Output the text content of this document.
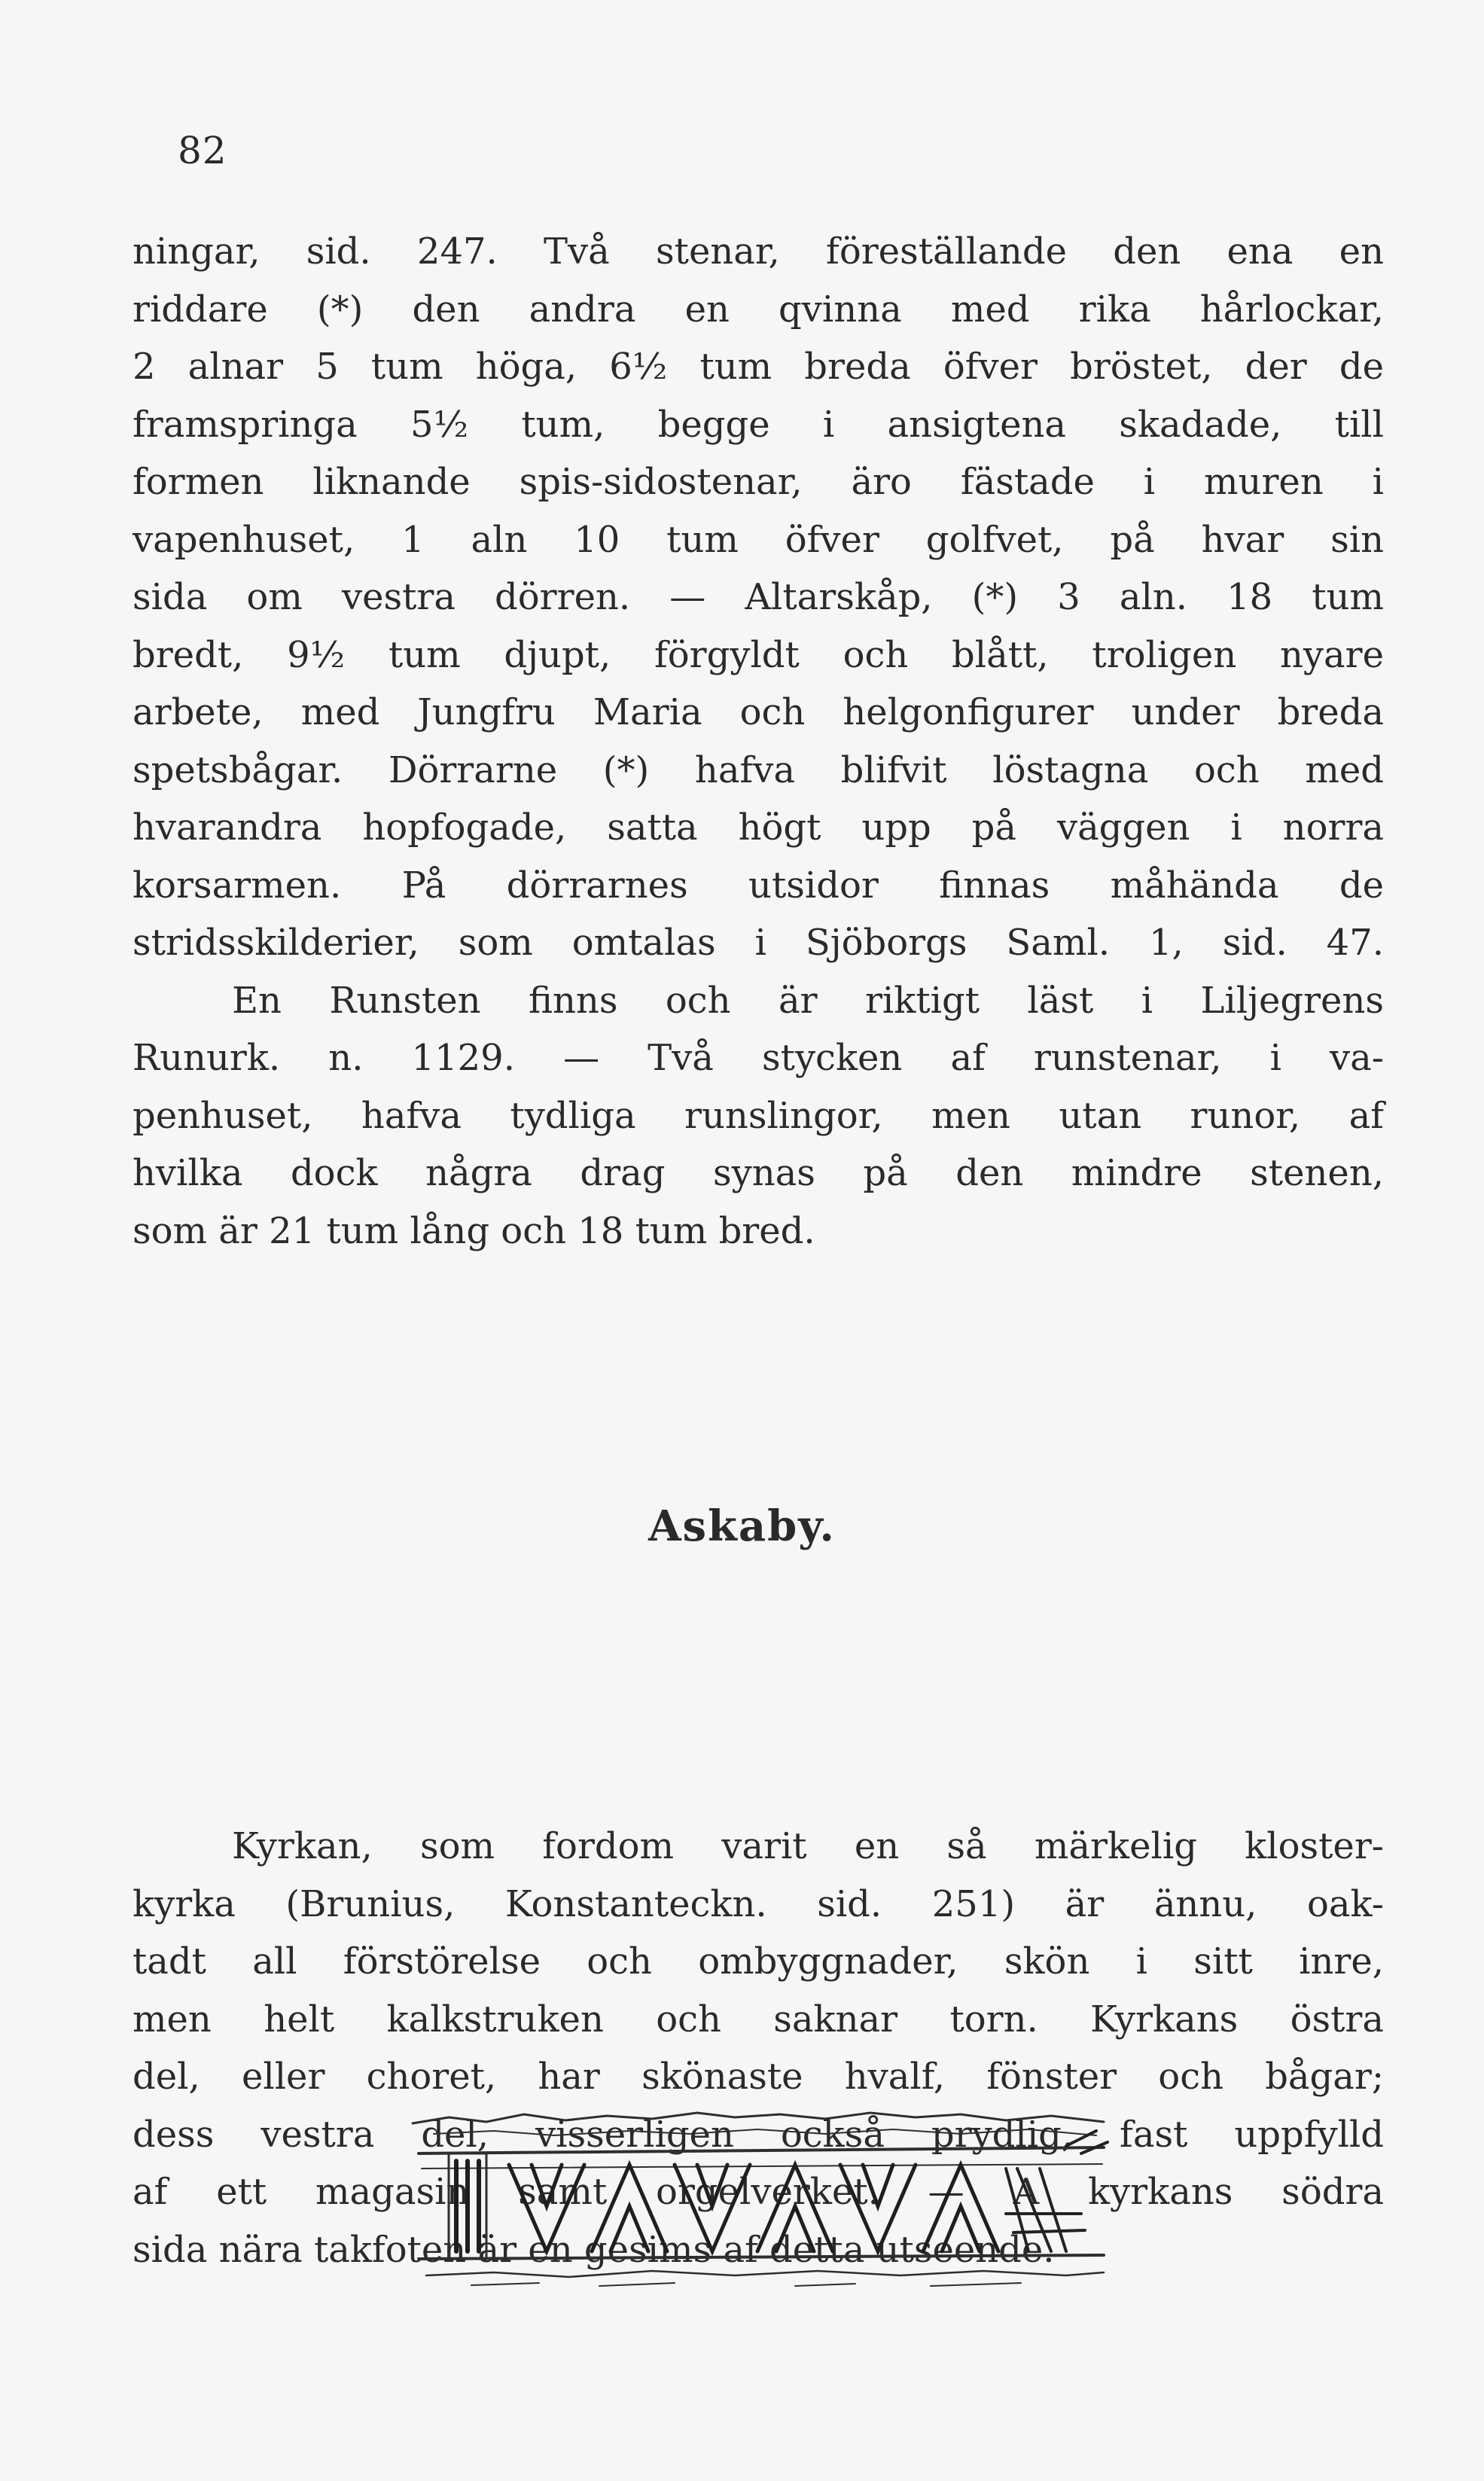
82
ningar, sid. 247. Två stenar, föreställande den ena en
riddare (*) den andra en qvinna med rika hårlockar,
2 alnar 5 tum höga, 6½ tum breda öfver bröstet, der de
framspringa 5½ tum, begge i ansigtena skadade, till
formen liknande spis-sidostenar, äro fästade i muren i
vapenhuset, 1 aln 10 tum öfver golfvet, på hvar sin
sida om vestra dörren. — Altarskåp, (*) 3 aln. 18 tum
bredt, 9½ tum djupt, förgyldt och blått, troligen nyare
arbete, med Jungfru Maria och helgonfigurer under breda
spetsbågar. Dörrarne (*) hafva blifvit löstagna och med
hvarandra hopfogade, satta högt upp på väggen i norra
korsarmen. På dörrarnes utsidor finnas måhända de
stridsskilderier, som omtalas i Sjöborgs Saml. 1, sid. 47.
En Runsten finns och är riktigt läst i Liljegrens
Runurk. n. 1129. — Två stycken af runstenar, i va-
penhuset, hafva tydliga runslingor, men utan runor, af
hvilka dock några drag synas på den mindre stenen,
som är 21 tum lång och 18 tum bred.
Askaby.
Kyrkan, som fordom varit en så märkelig kloster-
kyrka (Brunius, Konstanteckn. sid. 251) är ännu, oak-
tadt all förstörelse och ombyggnader, skön i sitt inre,
men helt kalkstruken och saknar torn. Kyrkans östra
del, eller choret, har skönaste hvalf, fönster och bågar;
dess vestra del, visserligen också prydlig, fast uppfylld
af ett magasin samt orgelverket. — A kyrkans södra
sida nära takfoten är en gesims af detta utseende.
